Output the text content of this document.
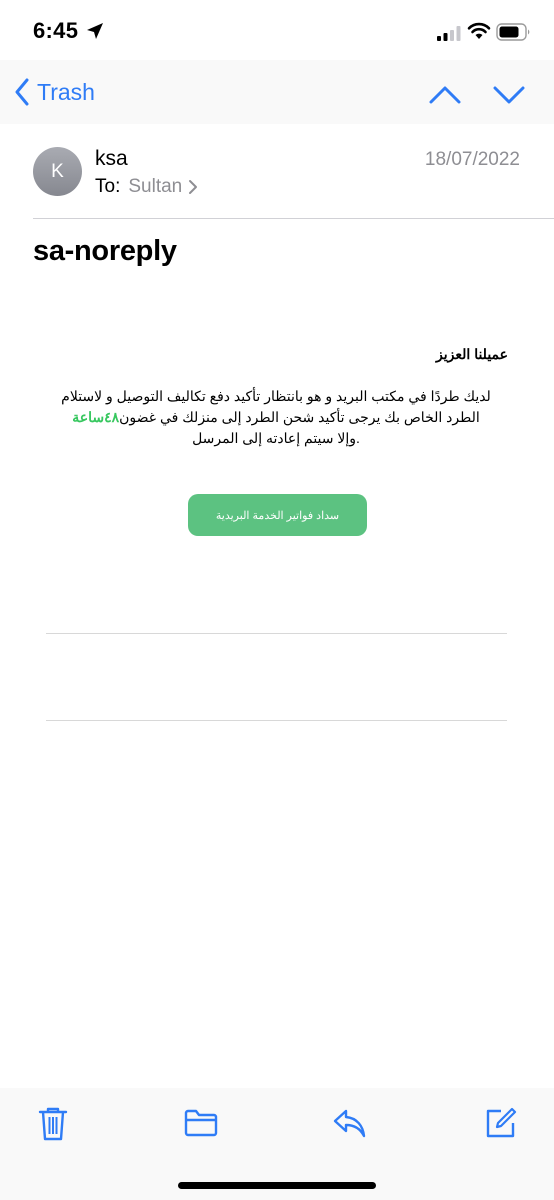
6:45
Trash
K
ksa	18/07/2022
To: Sultan
sa-noreply
عميلنا العزيز
لديك طردًا في مكتب البريد و هو بانتظار تأكيد دفع تكاليف التوصيل و لاستلام
الطرد الخاص بك يرجى تأكيد شحن الطرد إلى منزلك في غضون٤٨ساعة
.وإلا سيتم إعادته إلى المرسل
سداد فواتير الخدمة البريدية
